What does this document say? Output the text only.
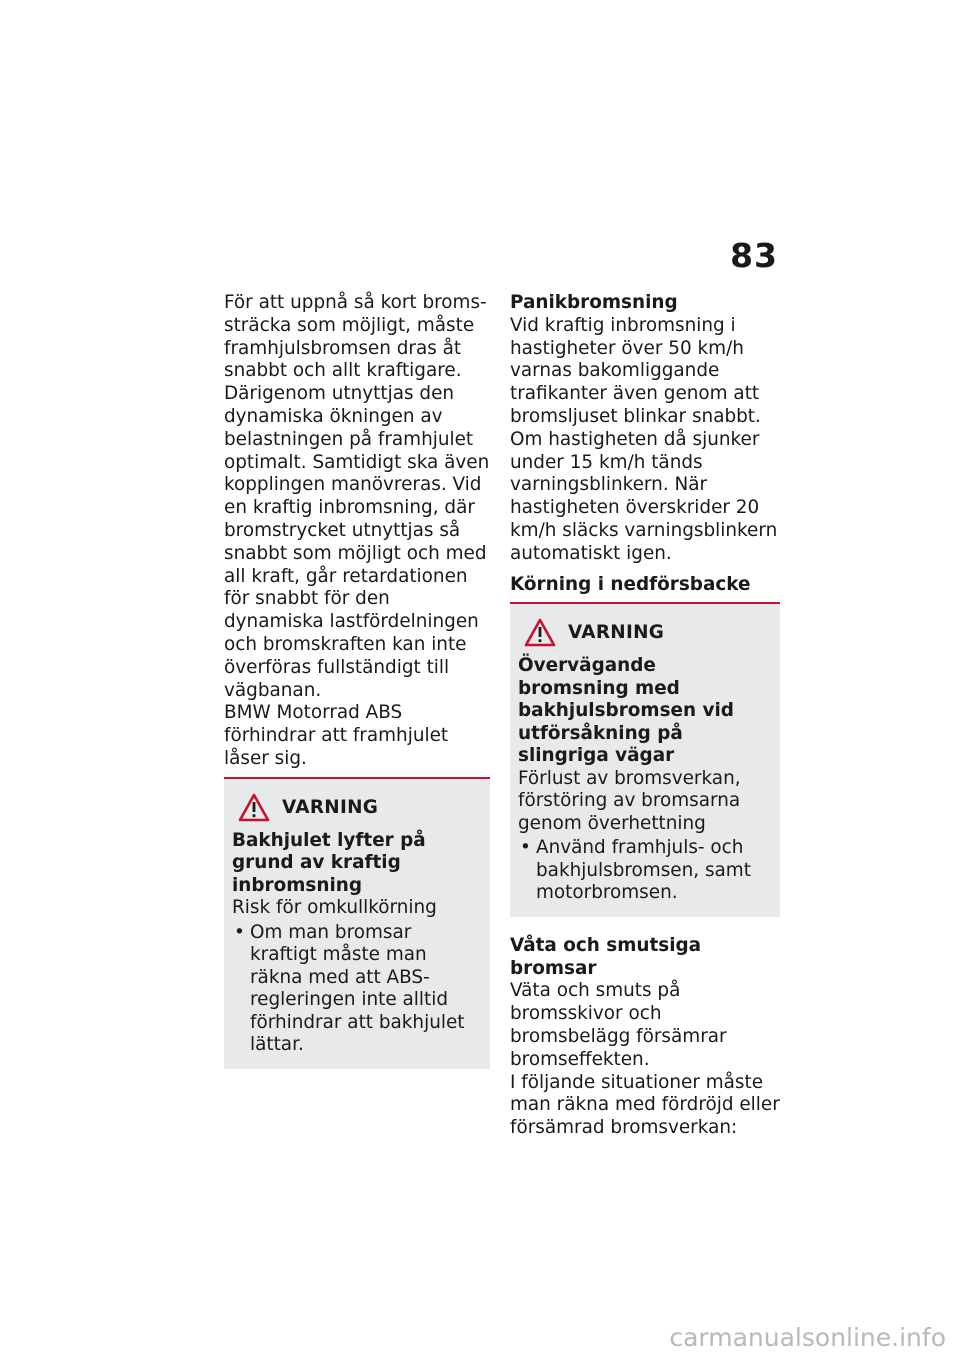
83

För att uppnå så kort bromssträcka som möjligt, måste framhjulsbromsen dras åt snabbt och allt kraftigare. Därigenom utnyttjas den dynamiska ökningen av belastningen på framhjulet optimalt. Samtidigt ska även kopplingen manövreras. Vid en kraftig inbromsning, där bromstrycket utnyttjas så snabbt som möjligt och med all kraft, går retardationen för snabbt för den dynamiska lastfördelningen och bromskraften kan inte överföras fullständigt till vägbanan.

BMW Motorrad ABS förhindrar att framhjulet låser sig.

VARNING

Bakhjulet lyfter på grund av kraftig inbromsning

Risk för omkullkörning

• Om man bromsar kraftigt måste man räkna med att ABS-regleringen inte alltid förhindrar att bakhjulet lättar.

Panikbromsning

Vid kraftig inbromsning i hastigheter över 50 km/h varnas bakomliggande trafikanter även genom att bromsljuset blinkar snabbt.

Om hastigheten då sjunker under 15 km/h tänds varningsblinkern. När hastigheten överskrider 20 km/h släcks varningsblinkern automatiskt igen.

Körning i nedförsbacke

VARNING

Övervägande bromsning med bakhjulsbromsen vid utförsåkning på slingriga vägar

Förlust av bromsverkan, förstöring av bromsarna genom överhettning

• Använd framhjuls- och bakhjulsbromsen, samt motorbromsen.

Våta och smutsiga bromsar

Väta och smuts på bromsskivor och bromsbelägg försämrar bromseffekten.

I följande situationer måste man räkna med fördröjd eller försämrad bromsverkan:

carmanualsonline.info
